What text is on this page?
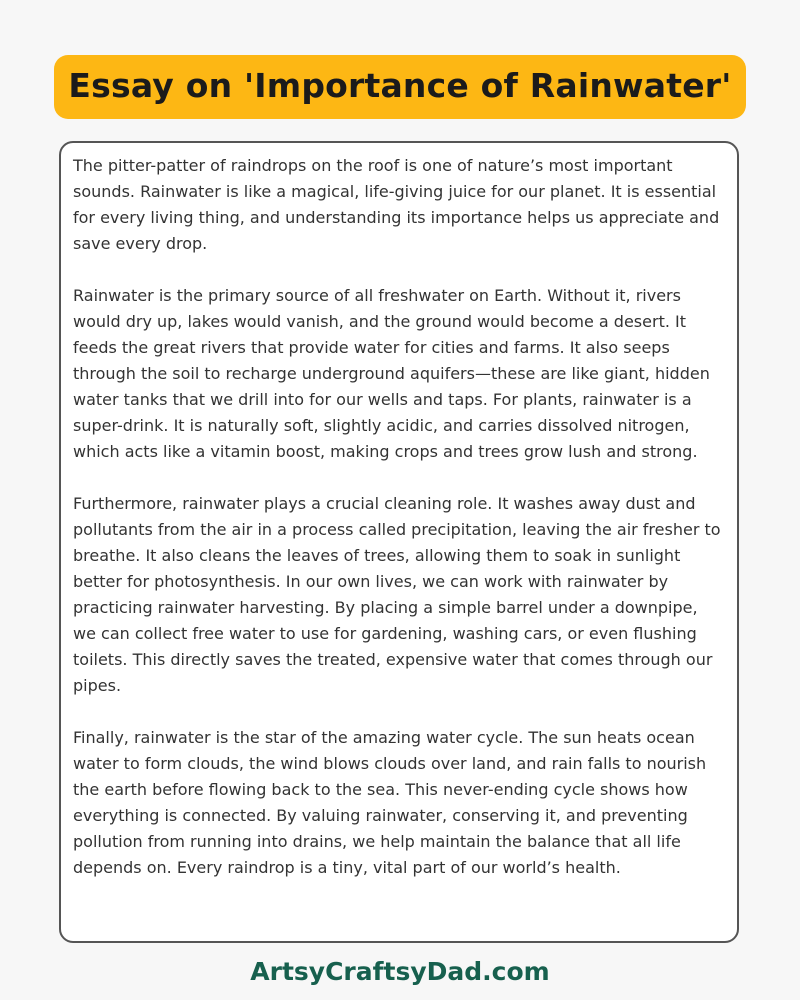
Essay on 'Importance of Rainwater'

The pitter-patter of raindrops on the roof is one of nature’s most important sounds. Rainwater is like a magical, life-giving juice for our planet. It is essential for every living thing, and understanding its importance helps us appreciate and save every drop.

Rainwater is the primary source of all freshwater on Earth. Without it, rivers would dry up, lakes would vanish, and the ground would become a desert. It feeds the great rivers that provide water for cities and farms. It also seeps through the soil to recharge underground aquifers—these are like giant, hidden water tanks that we drill into for our wells and taps. For plants, rainwater is a super-drink. It is naturally soft, slightly acidic, and carries dissolved nitrogen, which acts like a vitamin boost, making crops and trees grow lush and strong.

Furthermore, rainwater plays a crucial cleaning role. It washes away dust and pollutants from the air in a process called precipitation, leaving the air fresher to breathe. It also cleans the leaves of trees, allowing them to soak in sunlight better for photosynthesis. In our own lives, we can work with rainwater by practicing rainwater harvesting. By placing a simple barrel under a downpipe, we can collect free water to use for gardening, washing cars, or even flushing toilets. This directly saves the treated, expensive water that comes through our pipes.

Finally, rainwater is the star of the amazing water cycle. The sun heats ocean water to form clouds, the wind blows clouds over land, and rain falls to nourish the earth before flowing back to the sea. This never-ending cycle shows how everything is connected. By valuing rainwater, conserving it, and preventing pollution from running into drains, we help maintain the balance that all life depends on. Every raindrop is a tiny, vital part of our world’s health.

ArtsyCraftsyDad.com
